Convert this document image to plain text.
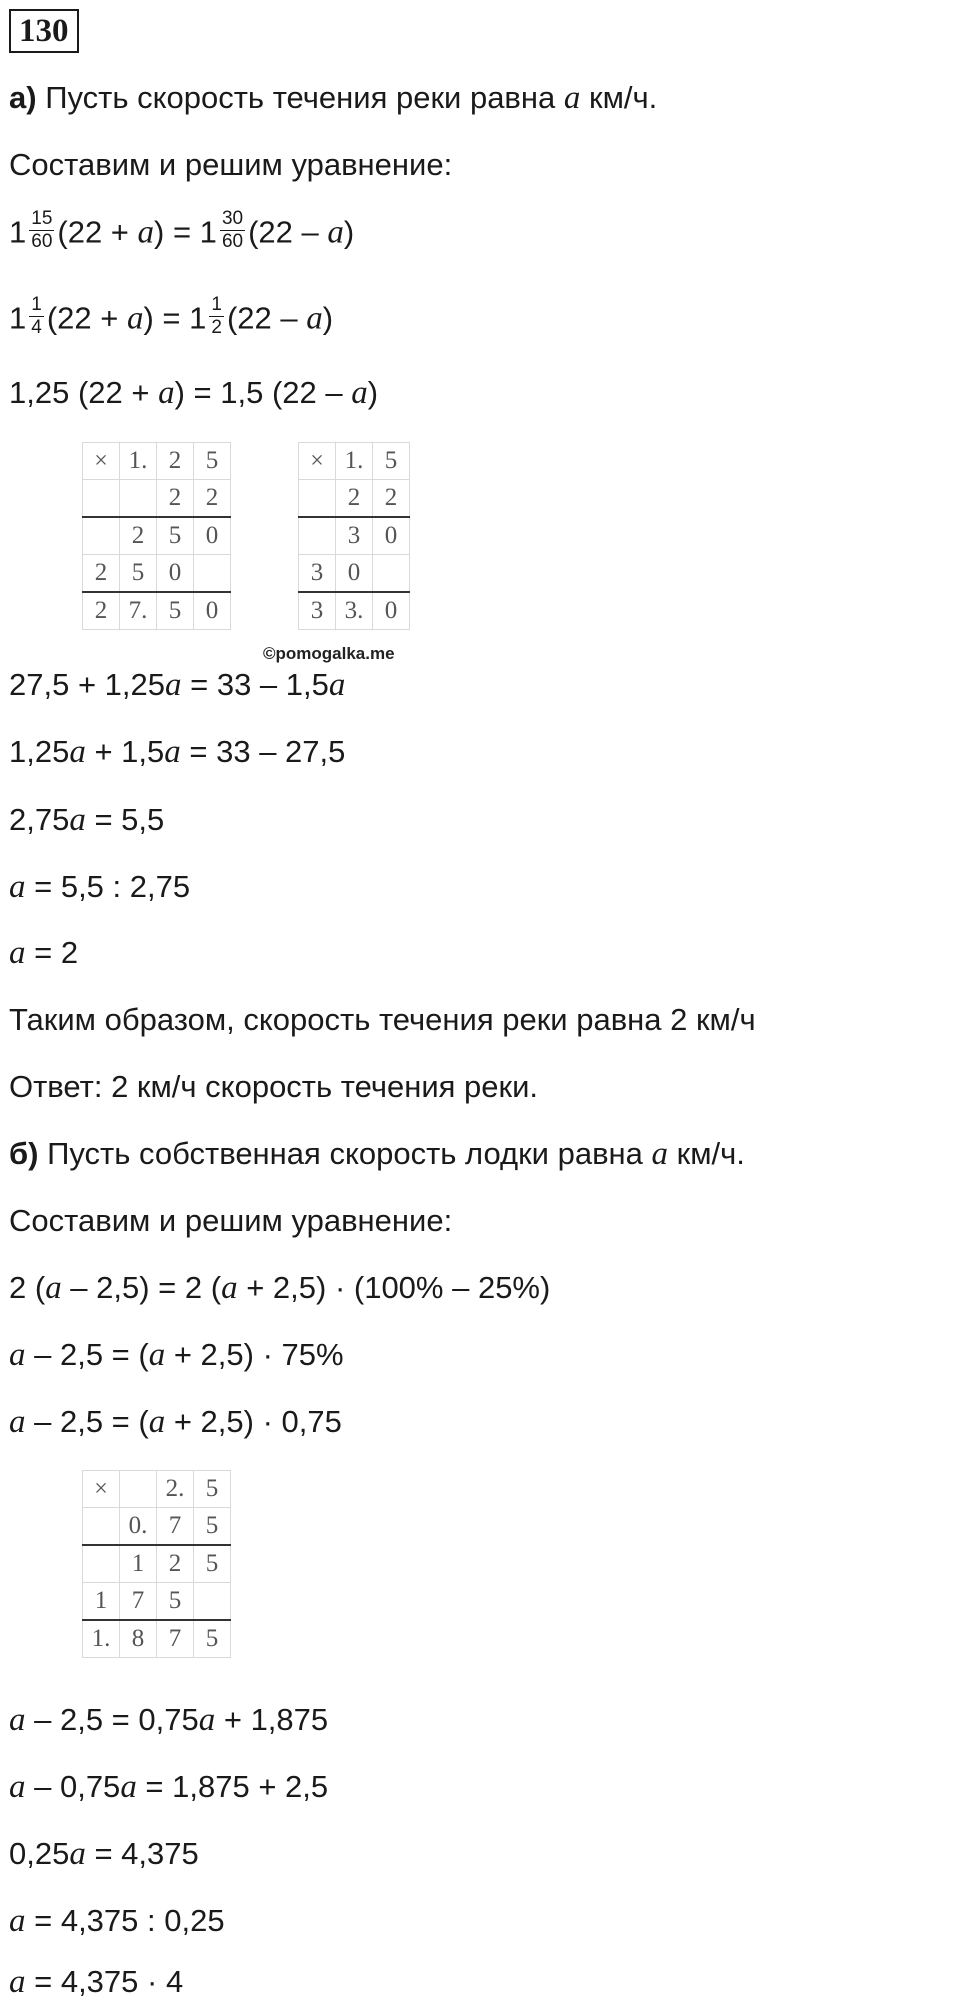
130
а) Пусть скорость течения реки равна a км/ч.
Составим и решим уравнение:
$1 \frac{15}{60} (22 + a) = 1 \frac{30}{60} (22 - a)$
$1 \frac{1}{4} (22 + a) = 1 \frac{1}{2} (22 - a)$
1,25 (22 + a) = 1,5 (22 – a)
×	1.	2	5
		2	2
	2	5	0
2	5	0	
2	7.	5	0
×	1.	5
	2	2
	3	0
3	0	
3	3.	0
©pomogalka.me
27,5 + 1,25a = 33 – 1,5a
1,25a + 1,5a = 33 – 27,5
2,75a = 5,5
a = 5,5 : 2,75
a = 2
Таким образом, скорость течения реки равна 2 км/ч
Ответ: 2 км/ч скорость течения реки.
б) Пусть собственная скорость лодки равна a км/ч.
Составим и решим уравнение:
2 (a – 2,5) = 2 (a + 2,5) · (100% – 25%)
a – 2,5 = (a + 2,5) · 75%
a – 2,5 = (a + 2,5) · 0,75
×		2.	5
	0.	7	5
	1	2	5
1	7	5	
1.	8	7	5
a – 2,5 = 0,75a + 1,875
a – 0,75a = 1,875 + 2,5
0,25a = 4,375
a = 4,375 : 0,25
a = 4,375 · 4
